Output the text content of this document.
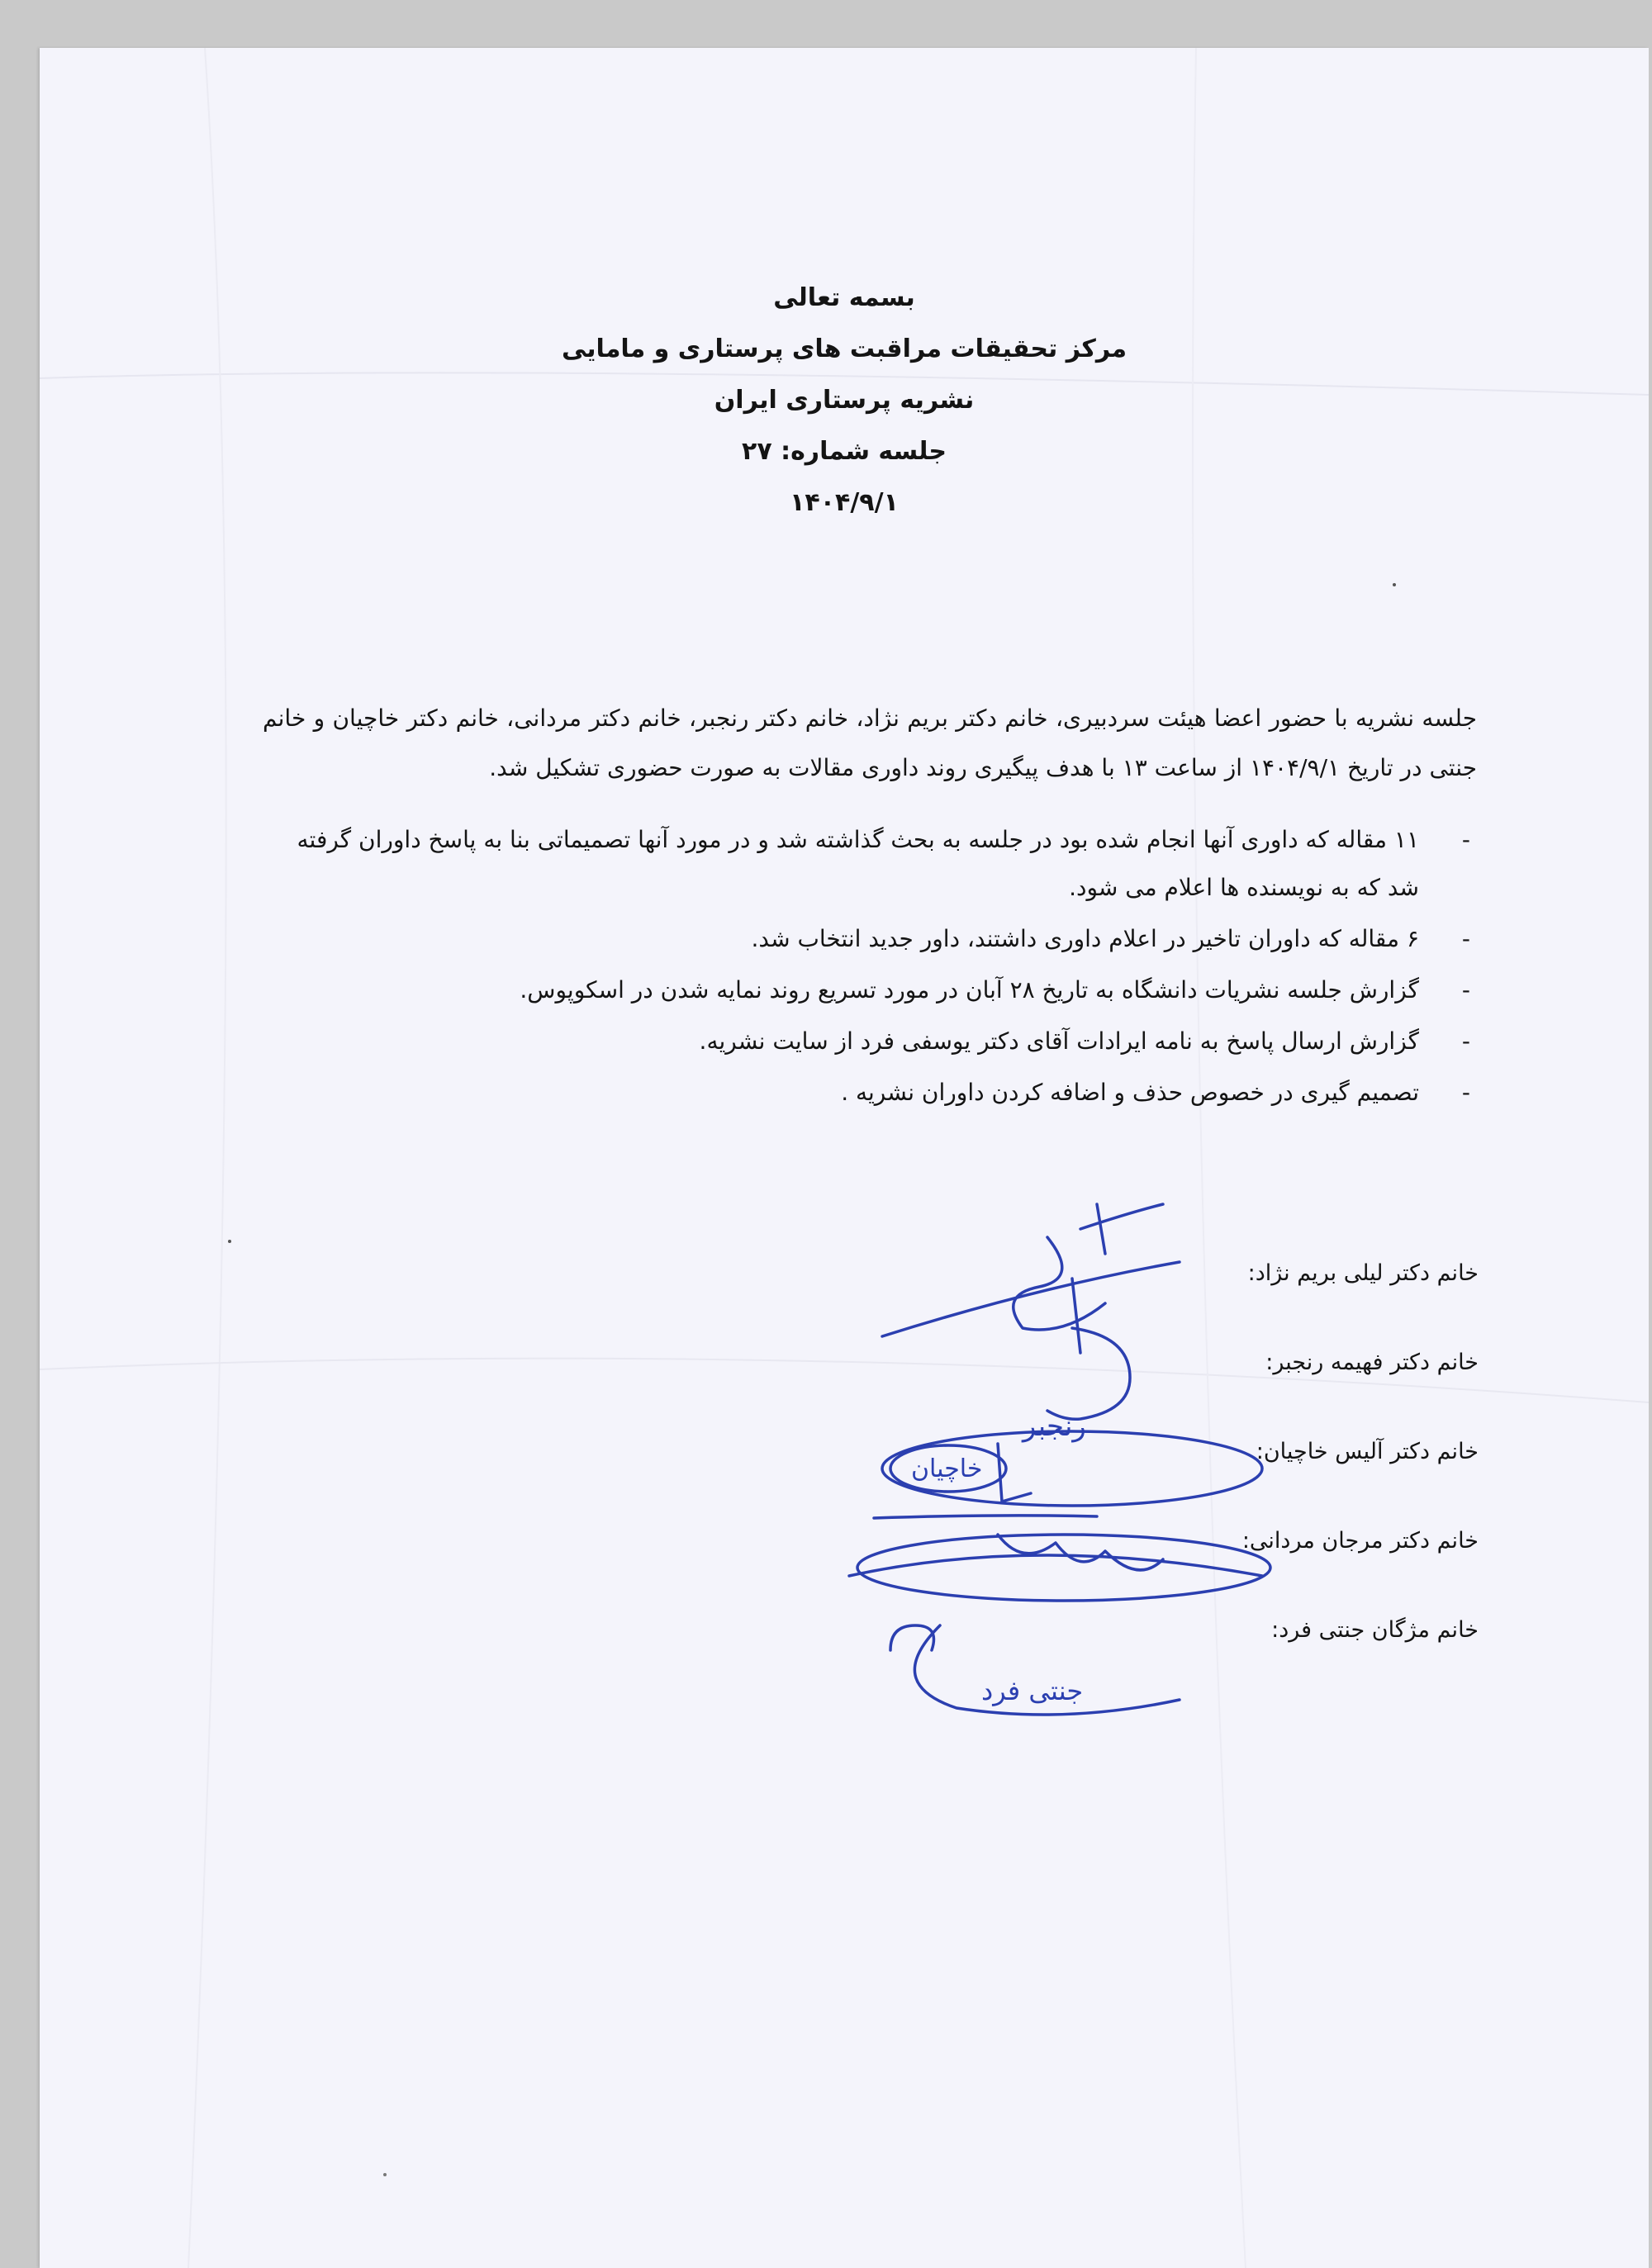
بسمه تعالی
مرکز تحقیقات مراقبت های پرستاری و مامایی
نشریه پرستاری ایران
جلسه شماره: ۲۷
۱۴۰۴/۹/۱
جلسه نشریه با حضور اعضا هیئت سردبیری، خانم دکتر بریم نژاد، خانم دکتر رنجبر، خانم دکتر مردانی، خانم دکتر خاچیان و خانم جنتی در تاریخ ۱۴۰۴/۹/۱ از ساعت ۱۳ با هدف پیگیری روند داوری مقالات به صورت حضوری تشکیل شد.
-
۱۱ مقاله که داوری آنها انجام شده بود در جلسه به بحث گذاشته شد و در مورد آنها تصمیماتی بنا به پاسخ داوران گرفته شد که به نویسنده ها اعلام می شود.
-
۶ مقاله که داوران تاخیر در اعلام داوری داشتند، داور جدید انتخاب شد.
-
گزارش جلسه نشریات دانشگاه به تاریخ ۲۸ آبان در مورد تسریع روند نمایه شدن در اسکوپوس.
-
گزارش ارسال پاسخ به نامه ایرادات آقای دکتر یوسفی فرد از سایت نشریه.
-
تصمیم گیری در خصوص حذف و اضافه کردن داوران نشریه .
خانم دکتر لیلی بریم نژاد:
خانم دکتر فهیمه رنجبر:
خانم دکتر آلیس خاچیان:
خانم دکتر مرجان مردانی:
خانم مژگان جنتی فرد:
رنجبر
خاچیان
جنتی فرد
